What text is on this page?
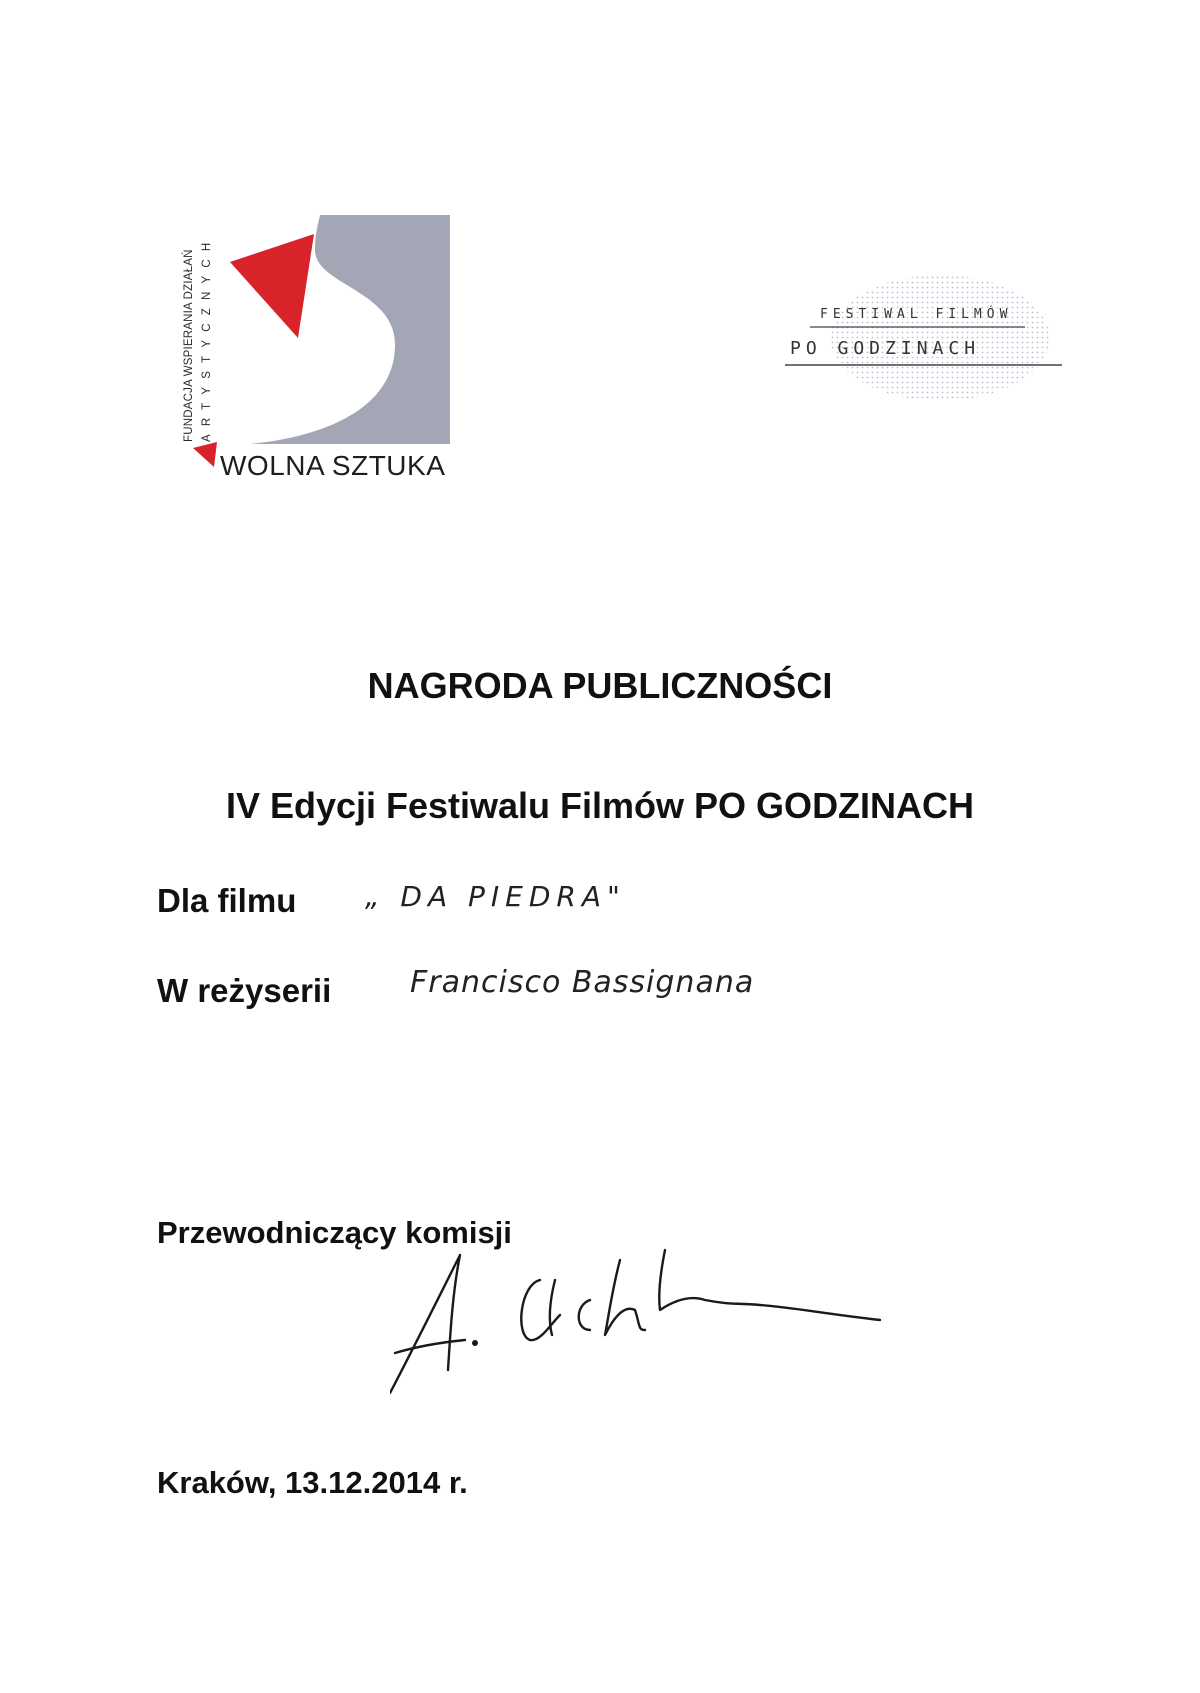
FUNDACJA WSPIERANIA DZIAŁAŃ ARTYSTYCZNYCH
WOLNA SZTUKA
FESTIWAL FILMÓW
PO GODZINACH
NAGRODA PUBLICZNOŚCI
IV Edycji Festiwalu Filmów PO GODZINACH
Dla filmu „ DA PIEDRA"
W reżyserii	Francisco Bassignana
Przewodniczący komisji
Kraków, 13.12.2014 r.
